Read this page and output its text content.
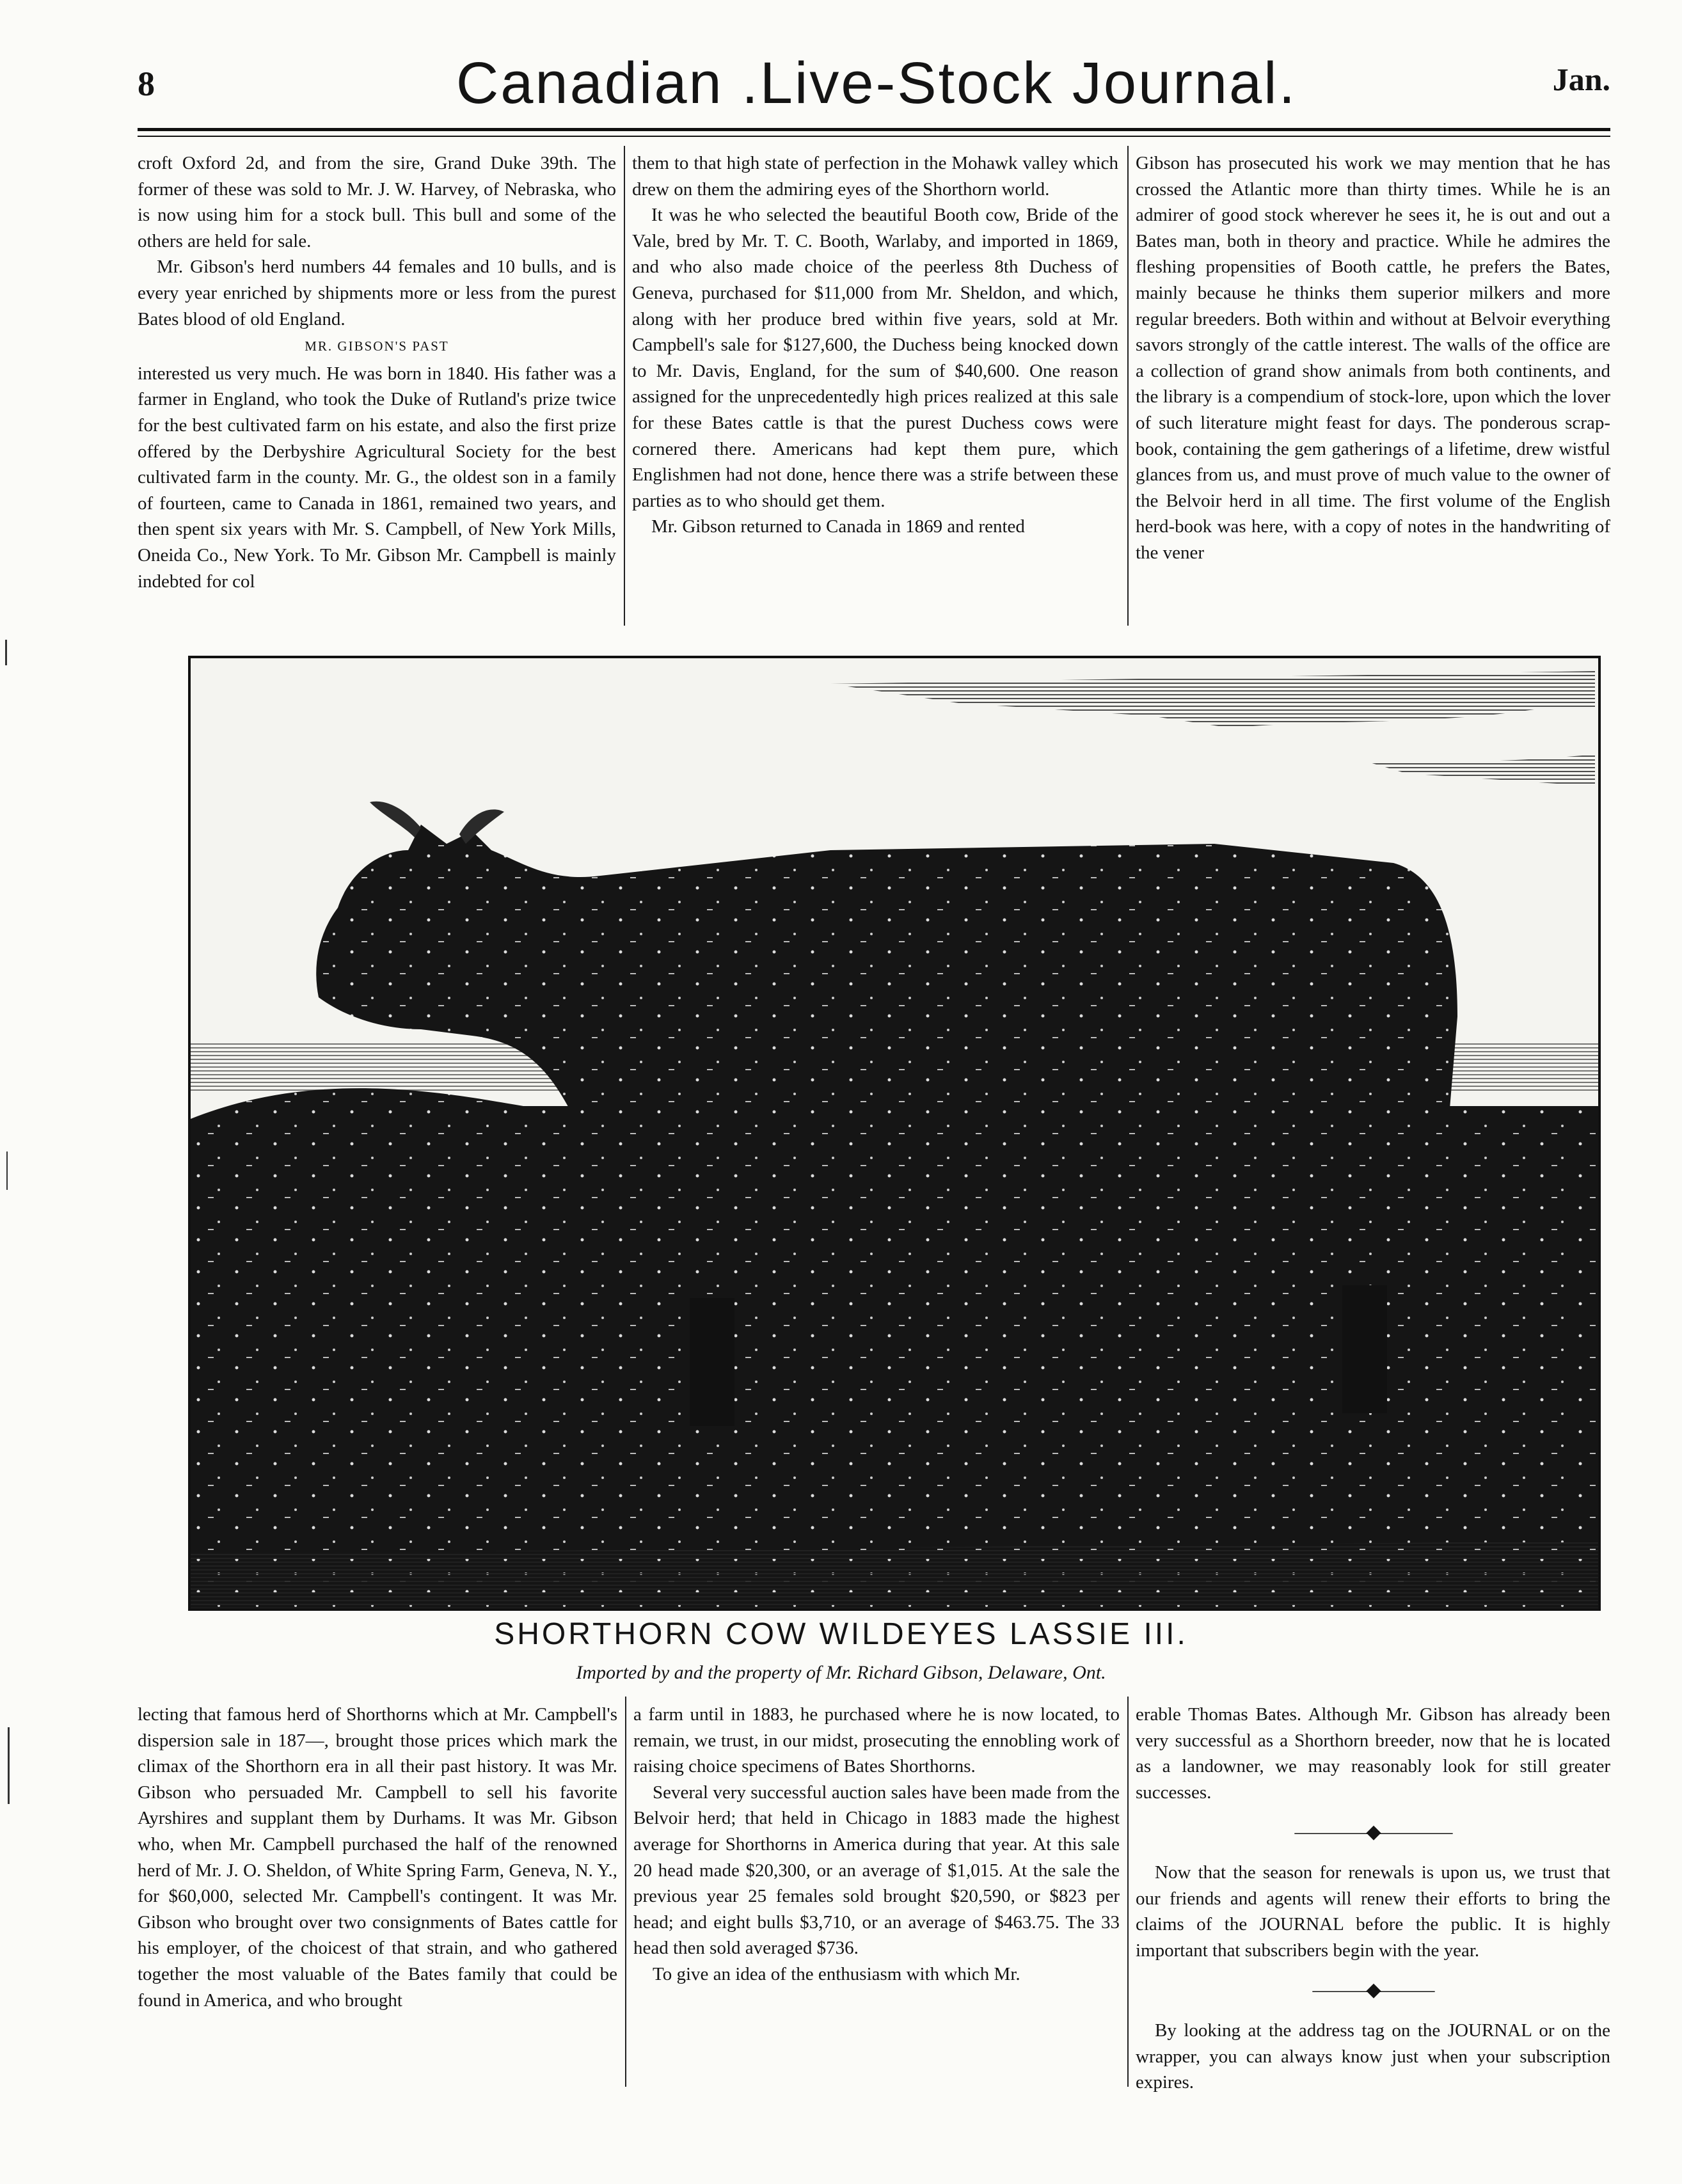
8	Canadian .Live-Stock Journal.	Jan.

croft Oxford 2d, and from the sire, Grand Duke 39th. The former of these was sold to Mr. J. W. Harvey, of Nebraska, who is now using him for a stock bull. This bull and some of the others are held for sale.

Mr. Gibson's herd numbers 44 females and 10 bulls, and is every year enriched by shipments more or less from the purest Bates blood of old England.

MR. GIBSON'S PAST

interested us very much. He was born in 1840. His father was a farmer in England, who took the Duke of Rutland's prize twice for the best cultivated farm on his estate, and also the first prize offered by the Derbyshire Agricultural Society for the best cultivated farm in the county. Mr. G., the oldest son in a family of fourteen, came to Canada in 1861, remained two years, and then spent six years with Mr. S. Campbell, of New York Mills, Oneida Co., New York. To Mr. Gibson Mr. Campbell is mainly indebted for col

them to that high state of perfection in the Mohawk valley which drew on them the admiring eyes of the Shorthorn world.

It was he who selected the beautiful Booth cow, Bride of the Vale, bred by Mr. T. C. Booth, Warlaby, and imported in 1869, and who also made choice of the peerless 8th Duchess of Geneva, purchased for $11,000 from Mr. Sheldon, and which, along with her produce bred within five years, sold at Mr. Campbell's sale for $127,600, the Duchess being knocked down to Mr. Davis, England, for the sum of $40,600. One reason assigned for the unprecedentedly high prices realized at this sale for these Bates cattle is that the purest Duchess cows were cornered there. Americans had kept them pure, which Englishmen had not done, hence there was a strife between these parties as to who should get them.

Mr. Gibson returned to Canada in 1869 and rented

Gibson has prosecuted his work we may mention that he has crossed the Atlantic more than thirty times. While he is an admirer of good stock wherever he sees it, he is out and out a Bates man, both in theory and practice. While he admires the fleshing propensities of Booth cattle, he prefers the Bates, mainly because he thinks them superior milkers and more regular breeders. Both within and without at Belvoir everything savors strongly of the cattle interest. The walls of the office are a collection of grand show animals from both continents, and the library is a compendium of stock-lore, upon which the lover of such literature might feast for days. The ponderous scrap-book, containing the gem gatherings of a lifetime, drew wistful glances from us, and must prove of much value to the owner of the Belvoir herd in all time. The first volume of the English herd-book was here, with a copy of notes in the handwriting of the vener

SHORTHORN COW WILDEYES LASSIE III.
Imported by and the property of Mr. Richard Gibson, Delaware, Ont.

lecting that famous herd of Shorthorns which at Mr. Campbell's dispersion sale in 187—, brought those prices which mark the climax of the Shorthorn era in all their past history. It was Mr. Gibson who persuaded Mr. Campbell to sell his favorite Ayrshires and supplant them by Durhams. It was Mr. Gibson who, when Mr. Campbell purchased the half of the renowned herd of Mr. J. O. Sheldon, of White Spring Farm, Geneva, N. Y., for $60,000, selected Mr. Campbell's contingent. It was Mr. Gibson who brought over two consignments of Bates cattle for his employer, of the choicest of that strain, and who gathered together the most valuable of the Bates family that could be found in America, and who brought

a farm until in 1883, he purchased where he is now located, to remain, we trust, in our midst, prosecuting the ennobling work of raising choice specimens of Bates Shorthorns.

Several very successful auction sales have been made from the Belvoir herd; that held in Chicago in 1883 made the highest average for Shorthorns in America during that year. At this sale 20 head made $20,300, or an average of $1,015. At the sale the previous year 25 females sold brought $20,590, or $823 per head; and eight bulls $3,710, or an average of $463.75. The 33 head then sold averaged $736.

To give an idea of the enthusiasm with which Mr.

erable Thomas Bates. Although Mr. Gibson has already been very successful as a Shorthorn breeder, now that he is located as a landowner, we may reasonably look for still greater successes.

————◆————

Now that the season for renewals is upon us, we trust that our friends and agents will renew their efforts to bring the claims of the JOURNAL before the public. It is highly important that subscribers begin with the year.

———◆———

By looking at the address tag on the JOURNAL or on the wrapper, you can always know just when your subscription expires.
